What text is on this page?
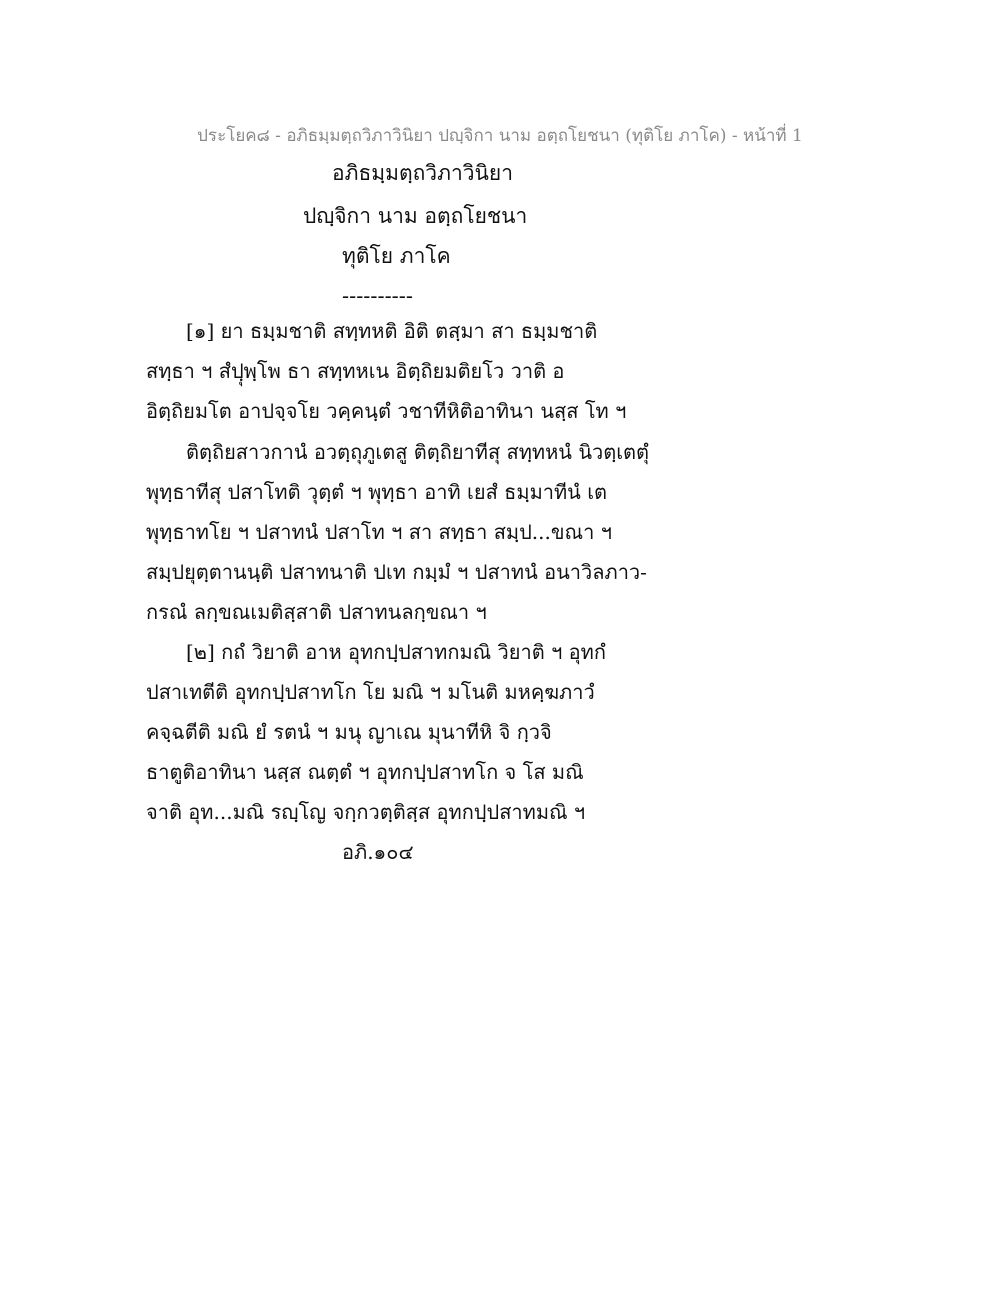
ประโยค๘ - อภิธมฺมตฺถวิภาวินิยา ปญฺจิกา นาม อตฺถโยชนา (ทุติโย ภาโค) - หน้าที่ 1
อภิธมฺมตฺถวิภาวินิยา
ปญฺจิกา นาม อตฺถโยชนา
ทุติโย ภาโค
----------
[๑] ยา ธมฺมชาติ สทฺทหติ อิติ ตสฺมา สา ธมฺมชาติ
สทฺธา ฯ สํปฺุพฺโพ ธา สทฺทหเน อิตฺถิยมติยโว วาติ อ
อิตฺถิยมโต อาปจฺจโย วคฺคนฺตํ วชาทีหิติอาทินา นสฺส โท ฯ
ติตฺถิยสาวกานํ อวตฺถุภูเตสู ติตฺถิยาทีสุ สทฺทหนํ นิวตฺเตตุํ
พุทฺธาทีสุ ปสาโทติ วุตฺตํ ฯ พุทฺธา อาทิ เยสํ ธมฺมาทีนํ เต
พุทฺธาทโย ฯ ปสาทนํ ปสาโท ฯ สา สทฺธา สมฺป...ขณา ฯ
สมฺปยุตฺตานนฺติ ปสาทนาติ ปเท กมฺมํ ฯ ปสาทนํ อนาวิลภาว-
กรณํ ลกฺขณเมติสฺสาติ ปสาทนลกฺขณา ฯ
[๒] กถํ วิยาติ อาห อุทกปฺปสาทกมณิ วิยาติ ฯ อุทกํ
ปสาเทตีติ อุทกปฺปสาทโก โย มณิ ฯ มโนติ มหคฺฆภาวํ
คจฺฉตีติ มณิ ยํ รตนํ ฯ มนุ ญาเณ มุนาทีหิ จิ กฺวจิ
ธาตูติอาทินา นสฺส ณตฺตํ ฯ อุทกปฺปสาทโก จ โส มณิ
จาติ อุท...มณิ รญฺโญ จกฺกวตฺติสฺส อุทกปฺปสาทมณิ ฯ
อภิ.๑๐๔
